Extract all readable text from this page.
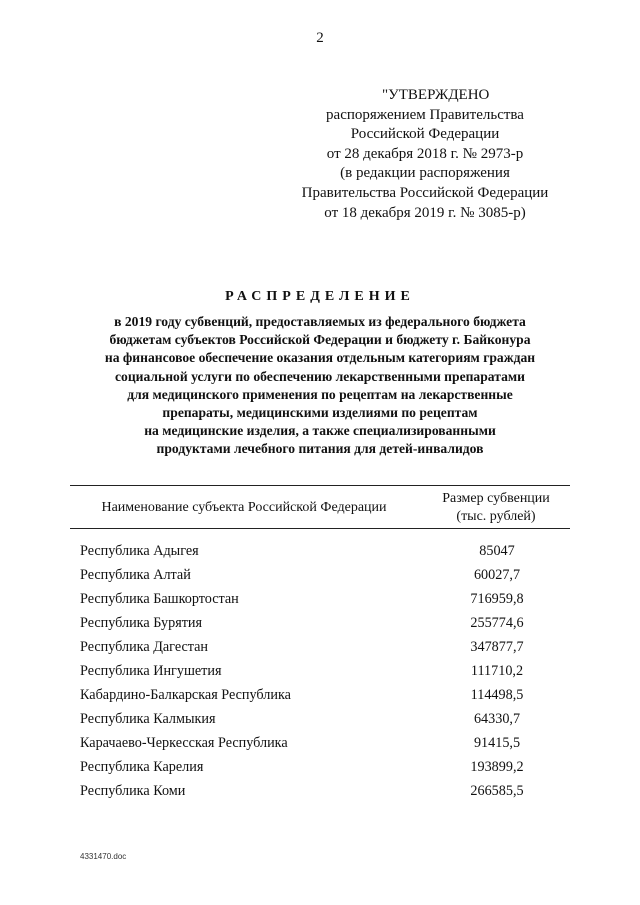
2
"УТВЕРЖДЕНО
распоряжением Правительства
Российской Федерации
от 28 декабря 2018 г. № 2973-р
(в редакции распоряжения
Правительства Российской Федерации
от 18 декабря 2019 г. № 3085-р)
РАСПРЕДЕЛЕНИЕ
в 2019 году субвенций, предоставляемых из федерального бюджета
бюджетам субъектов Российской Федерации и бюджету г. Байконура
на финансовое обеспечение оказания отдельным категориям граждан
социальной услуги по обеспечению лекарственными препаратами
для медицинского применения по рецептам на лекарственные
препараты, медицинскими изделиями по рецептам
на медицинские изделия, а также специализированными
продуктами лечебного питания для детей-инвалидов
Наименование субъекта Российской Федерации
Размер субвенции
(тыс. рублей)
Республика Адыгея	85047
Республика Алтай	60027,7
Республика Башкортостан	716959,8
Республика Бурятия	255774,6
Республика Дагестан	347877,7
Республика Ингушетия	111710,2
Кабардино-Балкарская Республика	114498,5
Республика Калмыкия	64330,7
Карачаево-Черкесская Республика	91415,5
Республика Карелия	193899,2
Республика Коми	266585,5
4331470.doc
